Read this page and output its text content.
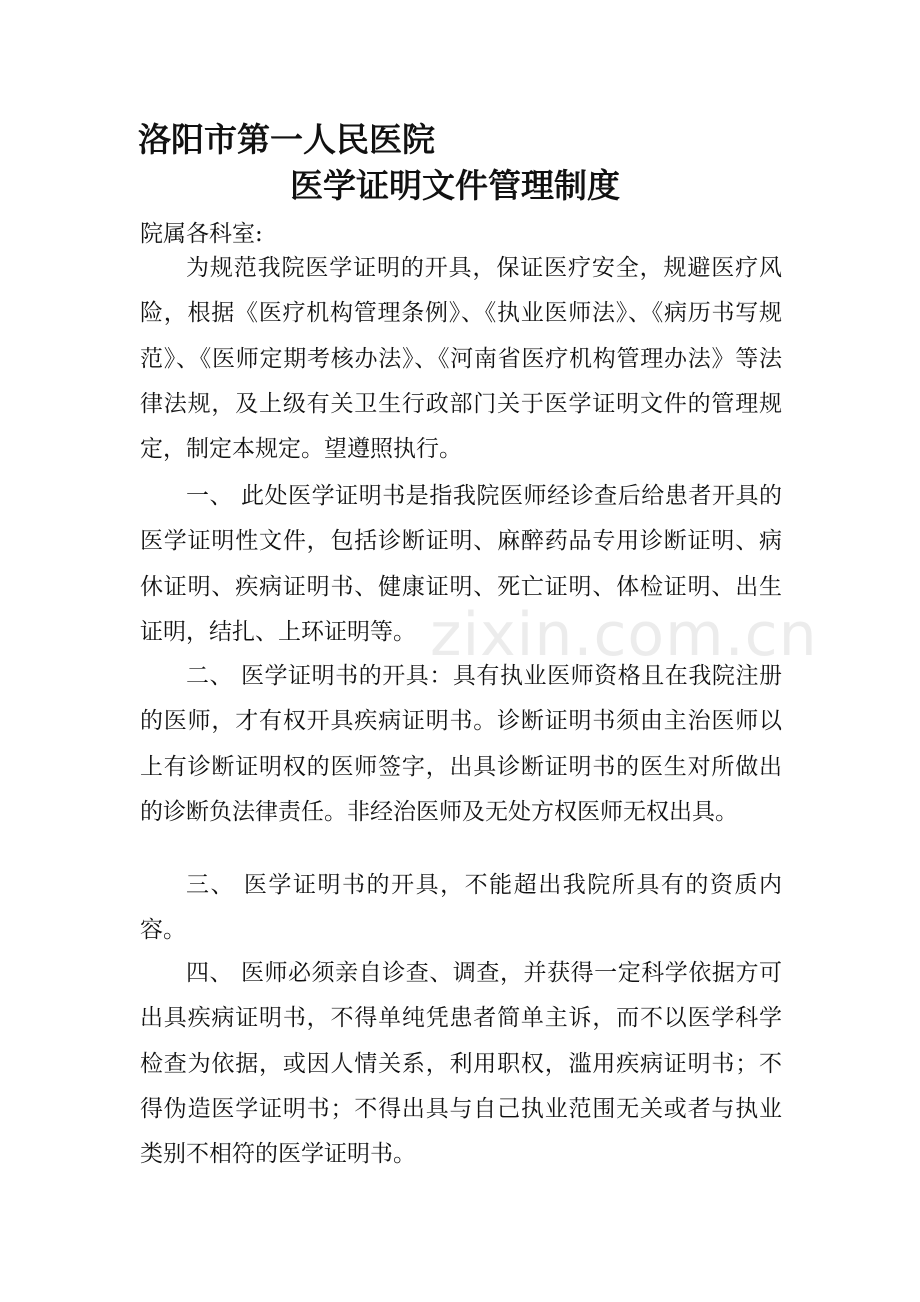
洛阳市第一人民医院
医学证明文件管理制度
院属各科室:

为规范我院医学证明的开具，保证医疗安全，规避医疗风险，根据《医疗机构管理条例》、《执业医师法》、《病历书写规范》、《医师定期考核办法》、《河南省医疗机构管理办法》等法律法规，及上级有关卫生行政部门关于医学证明文件的管理规定，制定本规定。望遵照执行。

一、 此处医学证明书是指我院医师经诊查后给患者开具的医学证明性文件，包括诊断证明、麻醉药品专用诊断证明、病休证明、疾病证明书、健康证明、死亡证明、体检证明、出生证明，结扎、上环证明等。

二、 医学证明书的开具：具有执业医师资格且在我院注册的医师，才有权开具疾病证明书。诊断证明书须由主治医师以上有诊断证明权的医师签字，出具诊断证明书的医生对所做出的诊断负法律责任。非经治医师及无处方权医师无权出具。

三、 医学证明书的开具，不能超出我院所具有的资质内容。

四、 医师必须亲自诊查、调查，并获得一定科学依据方可出具疾病证明书，不得单纯凭患者简单主诉，而不以医学科学检查为依据，或因人情关系，利用职权，滥用疾病证明书；不得伪造医学证明书；不得出具与自己执业范围无关或者与执业类别不相符的医学证明书。

zixin.com.cn
